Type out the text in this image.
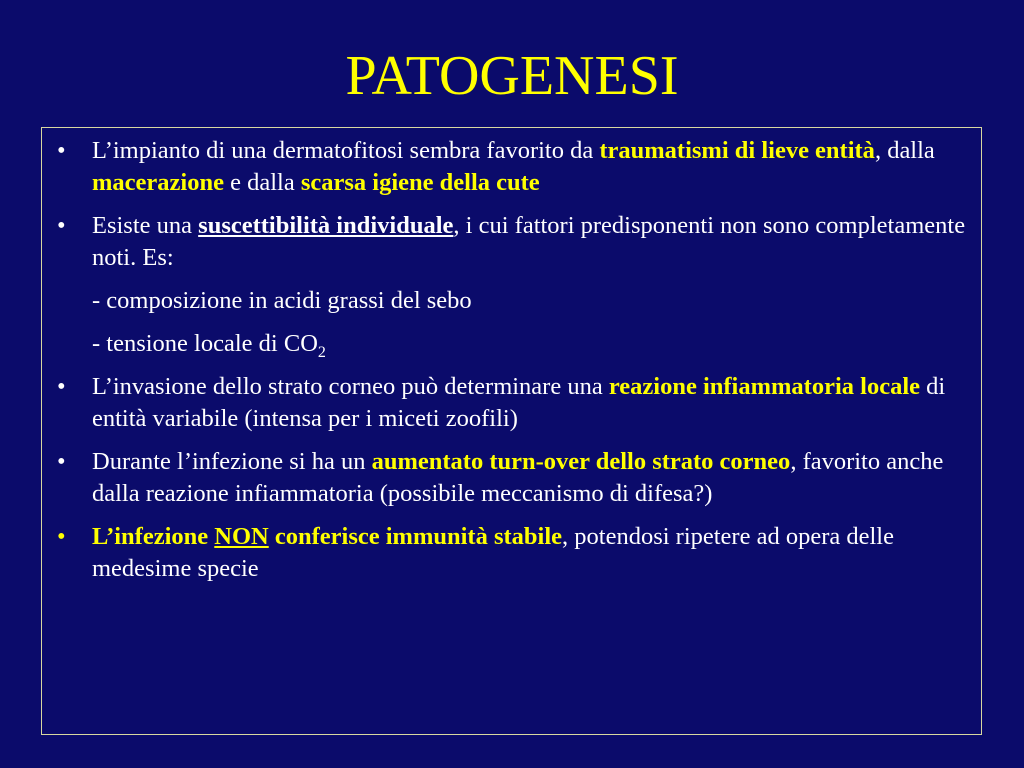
PATOGENESI
• L’impianto di una dermatofitosi sembra favorito da traumatismi di lieve entità, dalla macerazione e dalla scarsa igiene della cute
• Esiste una suscettibilità individuale, i cui fattori predisponenti non sono completamente noti. Es:
- composizione in acidi grassi del sebo
- tensione locale di $CO_2$
• L’invasione dello strato corneo può determinare una reazione infiammatoria locale di entità variabile (intensa per i miceti zoofili)
• Durante l’infezione si ha un aumentato turn-over dello strato corneo, favorito anche dalla reazione infiammatoria (possibile meccanismo di difesa?)
• L’infezione NON conferisce immunità stabile, potendosi ripetere ad opera delle medesime specie
